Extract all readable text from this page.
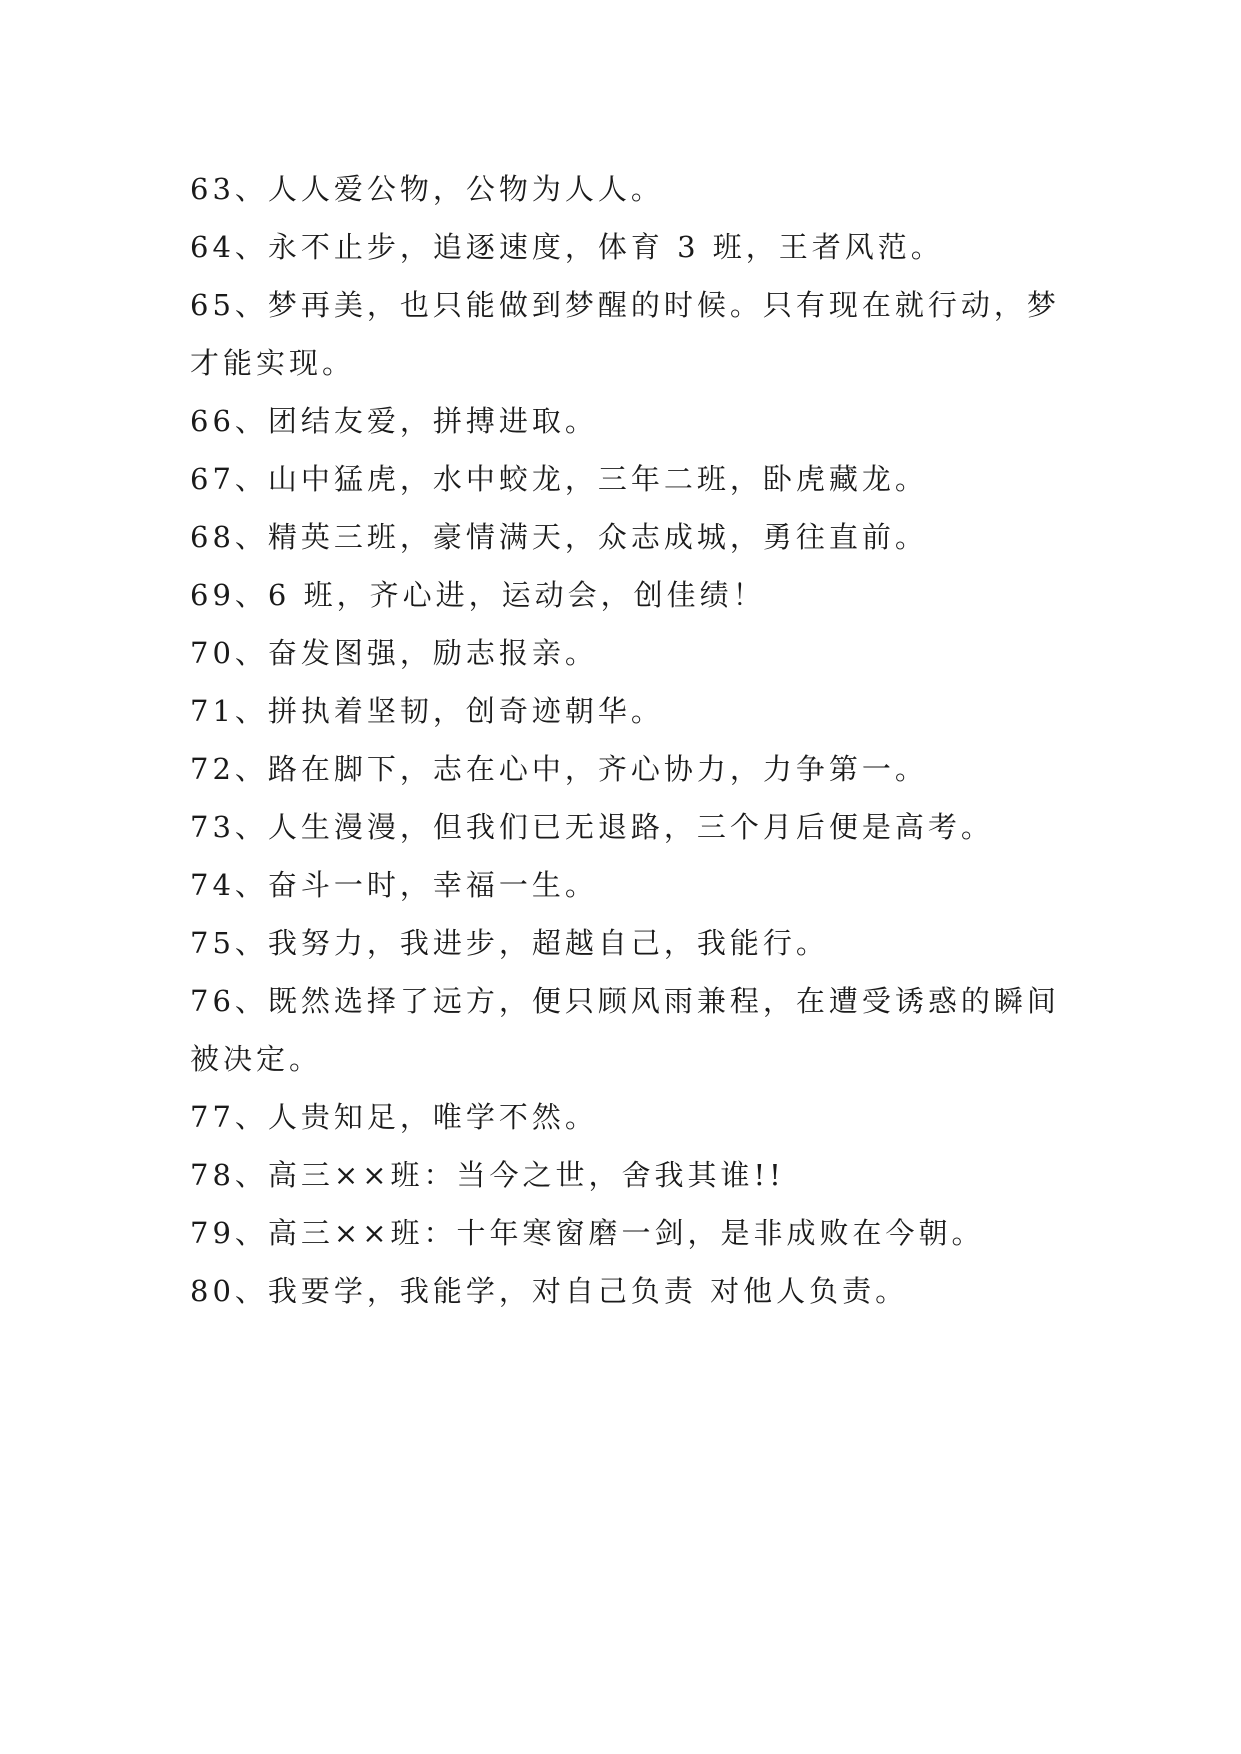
63、人人爱公物，公物为人人。
64、永不止步，追逐速度，体育 3 班，王者风范。
65、梦再美，也只能做到梦醒的时候。只有现在就行动，梦
才能实现。
66、团结友爱，拼搏进取。
67、山中猛虎，水中蛟龙，三年二班，卧虎藏龙。
68、精英三班，豪情满天，众志成城，勇往直前。
69、6 班，齐心进，运动会，创佳绩！
70、奋发图强，励志报亲。
71、拼执着坚韧，创奇迹朝华。
72、路在脚下，志在心中，齐心协力，力争第一。
73、人生漫漫，但我们已无退路，三个月后便是高考。
74、奋斗一时，幸福一生。
75、我努力，我进步，超越自己，我能行。
76、既然选择了远方，便只顾风雨兼程，在遭受诱惑的瞬间
被决定。
77、人贵知足，唯学不然。
78、高三××班：当今之世，舍我其谁!!
79、高三××班：十年寒窗磨一剑，是非成败在今朝。
80、我要学，我能学，对自己负责 对他人负责。
